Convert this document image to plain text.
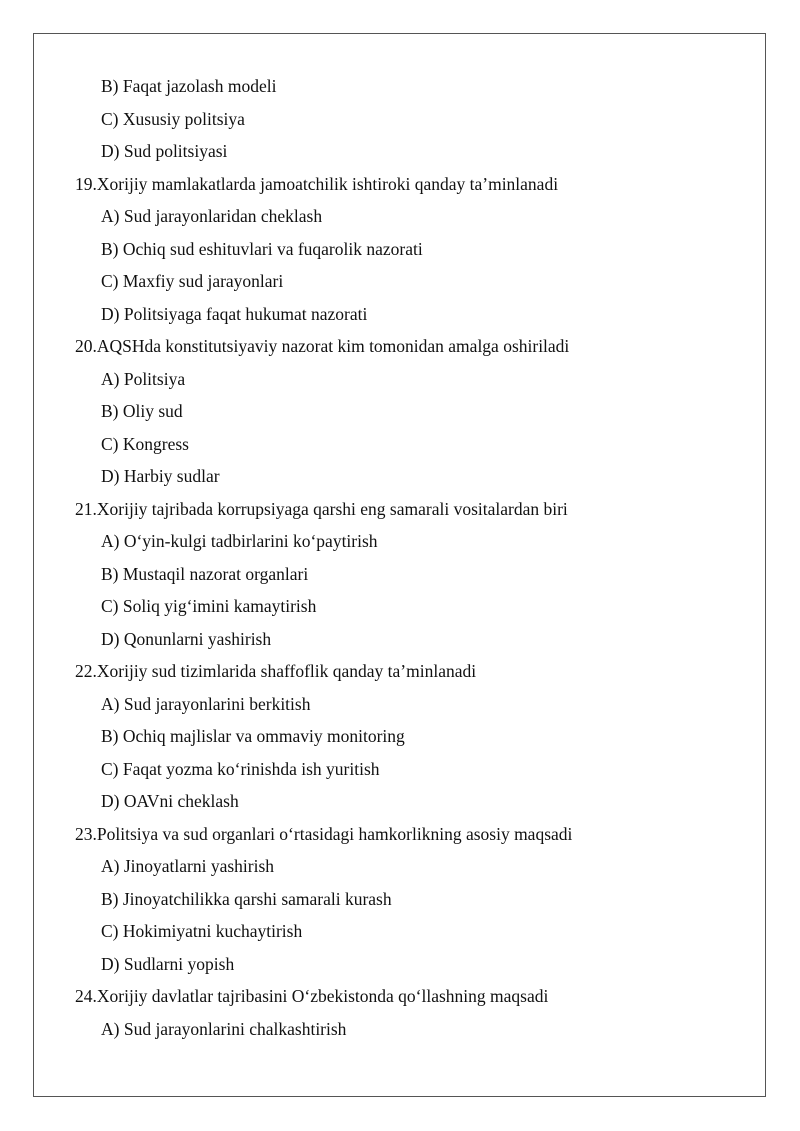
B) Faqat jazolash modeli
C) Xususiy politsiya
D) Sud politsiyasi
19.Xorijiy mamlakatlarda jamoatchilik ishtiroki qanday ta’minlanadi
A) Sud jarayonlaridan cheklash
B) Ochiq sud eshituvlari va fuqarolik nazorati
C) Maxfiy sud jarayonlari
D) Politsiyaga faqat hukumat nazorati
20.AQSHda konstitutsiyaviy nazorat kim tomonidan amalga oshiriladi
A) Politsiya
B) Oliy sud
C) Kongress
D) Harbiy sudlar
21.Xorijiy tajribada korrupsiyaga qarshi eng samarali vositalardan biri
A) O‘yin-kulgi tadbirlarini ko‘paytirish
B) Mustaqil nazorat organlari
C) Soliq yig‘imini kamaytirish
D) Qonunlarni yashirish
22.Xorijiy sud tizimlarida shaffoflik qanday ta’minlanadi
A) Sud jarayonlarini berkitish
B) Ochiq majlislar va ommaviy monitoring
C) Faqat yozma ko‘rinishda ish yuritish
D) OAVni cheklash
23.Politsiya va sud organlari o‘rtasidagi hamkorlikning asosiy maqsadi
A) Jinoyatlarni yashirish
B) Jinoyatchilikka qarshi samarali kurash
C) Hokimiyatni kuchaytirish
D) Sudlarni yopish
24.Xorijiy davlatlar tajribasini O‘zbekistonda qo‘llashning maqsadi
A) Sud jarayonlarini chalkashtirish
